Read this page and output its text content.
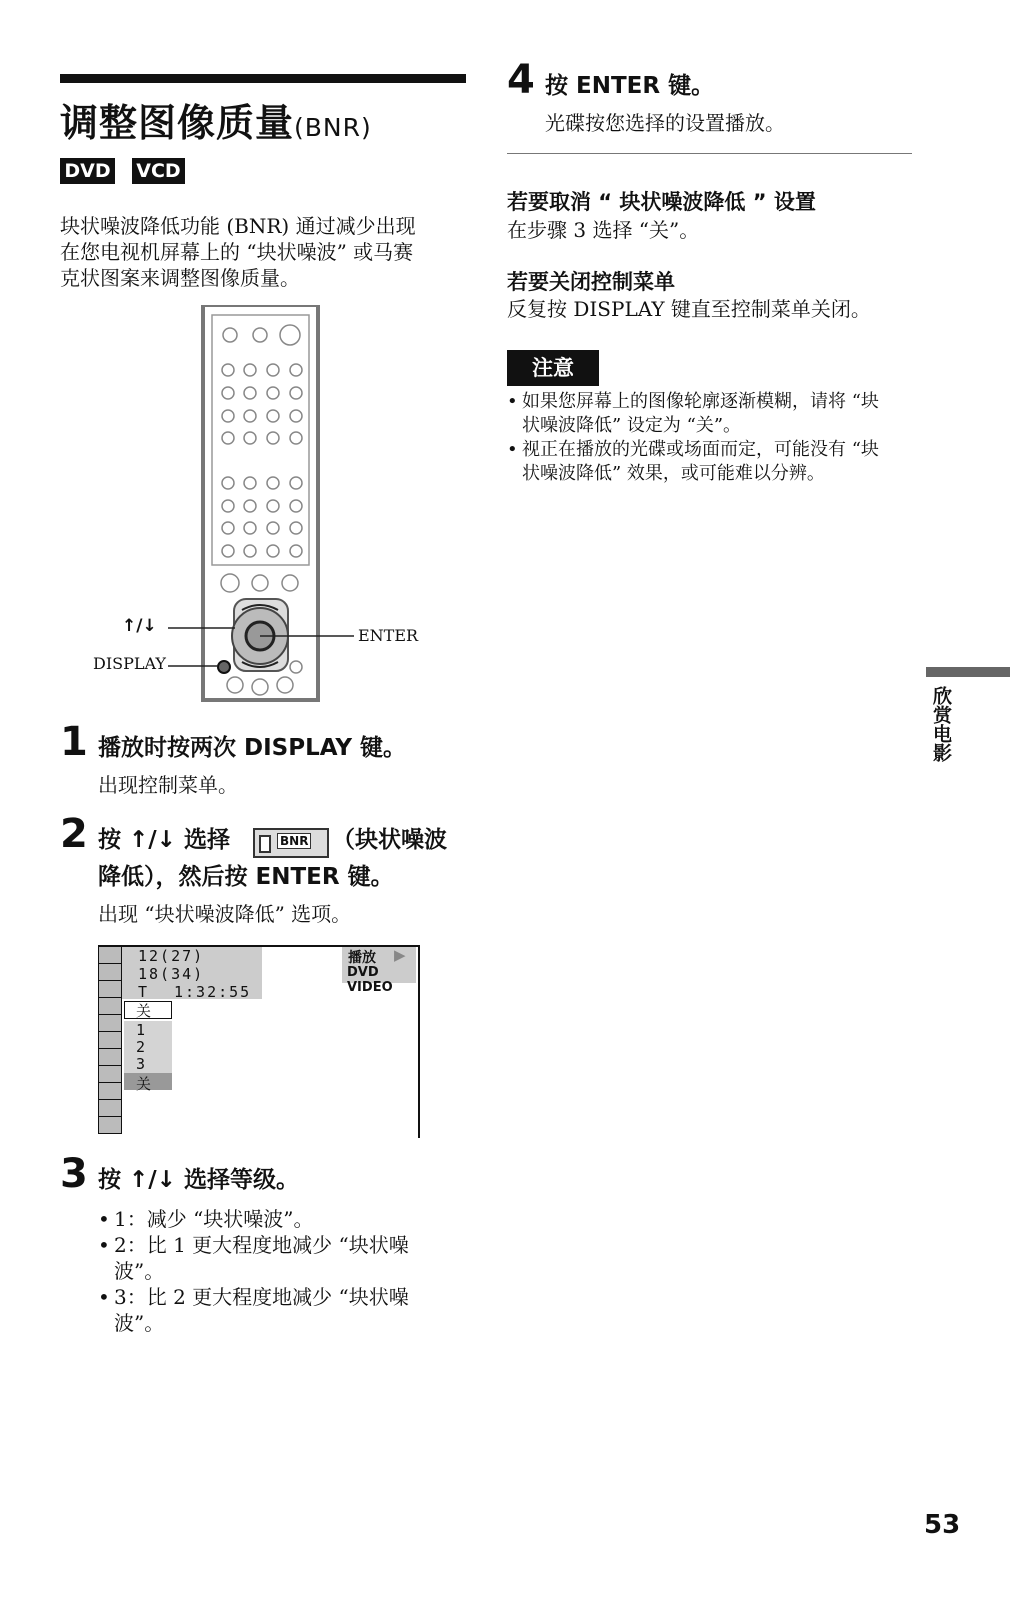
调整图像质量(BNR)
DVD VCD
块状噪波降低功能 (BNR) 通过减少出现
在您电视机屏幕上的 “块状噪波” 或马赛
克状图案来调整图像质量。
↑/↓
DISPLAY
ENTER
1 播放时按两次 DISPLAY 键。
出现控制菜单。
2 按 ↑/↓ 选择	BNR （块状噪波
降低），然后按 ENTER 键。
出现 “块状噪波降低” 选项。
12(27)
18(34)
T 1:32:55
播放 ▶
DVD VIDEO
关
1
2
3
关
3 按 ↑/↓ 选择等级。
• 1：减少 “块状噪波”。
• 2：比 1 更大程度地减少 “块状噪
波”。
• 3：比 2 更大程度地减少 “块状噪
波”。
4 按 ENTER 键。
光碟按您选择的设置播放。
若要取消 “ 块状噪波降低 ” 设置
在步骤 3 选择 “关”。
若要关闭控制菜单
反复按 DISPLAY 键直至控制菜单关闭。
注意
• 如果您屏幕上的图像轮廓逐渐模糊，请将 “块
状噪波降低” 设定为 “关”。
• 视正在播放的光碟或场面而定，可能没有 “块
状噪波降低” 效果，或可能难以分辨。
欣赏电影
53
